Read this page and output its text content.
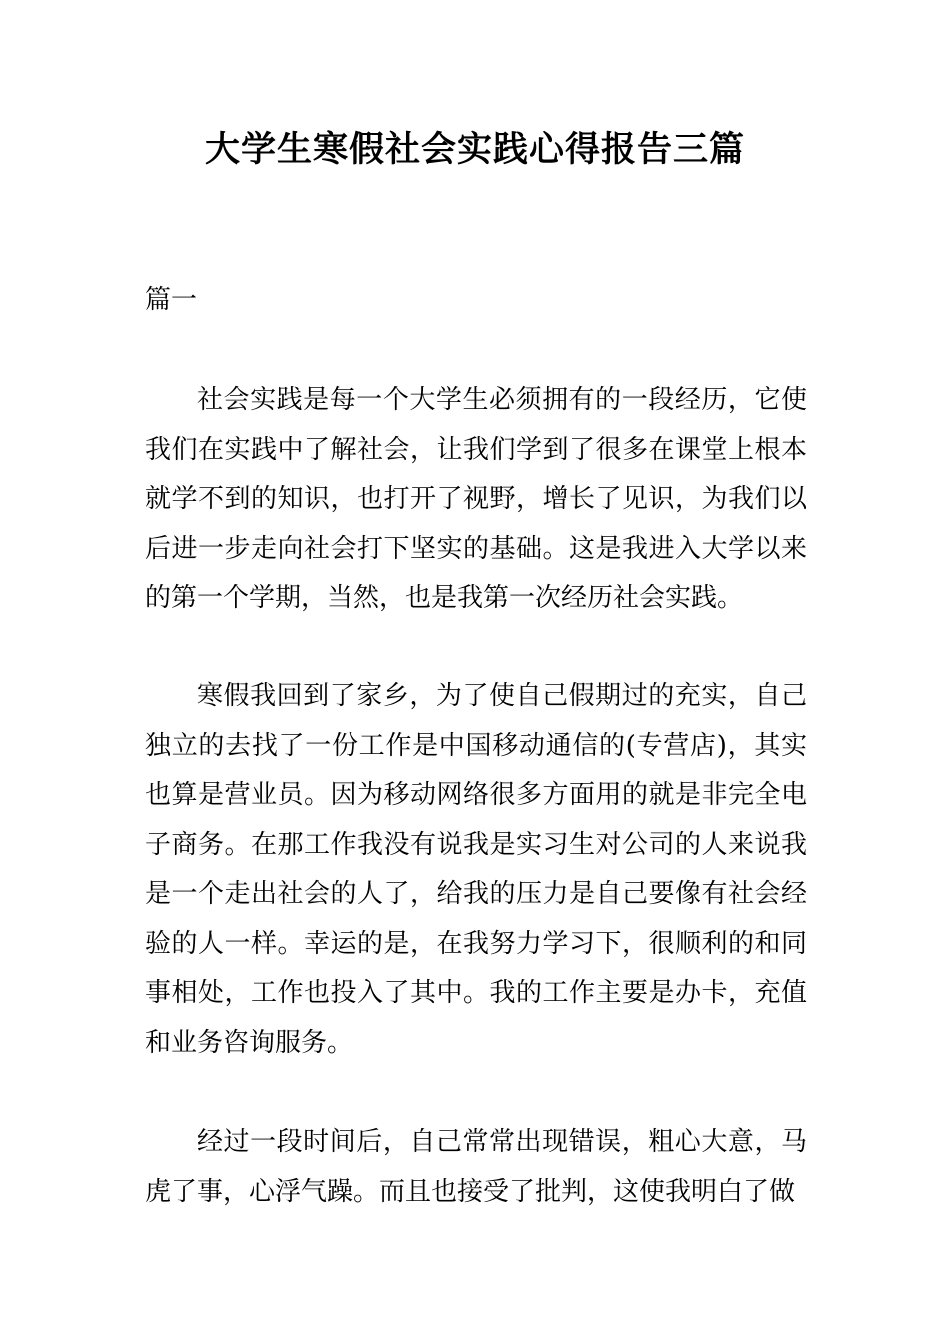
大学生寒假社会实践心得报告三篇

篇一

社会实践是每一个大学生必须拥有的一段经历，它使我们在实践中了解社会，让我们学到了很多在课堂上根本就学不到的知识，也打开了视野，增长了见识，为我们以后进一步走向社会打下坚实的基础。这是我进入大学以来的第一个学期，当然，也是我第一次经历社会实践。

寒假我回到了家乡，为了使自己假期过的充实，自己独立的去找了一份工作是中国移动通信的(专营店)，其实也算是营业员。因为移动网络很多方面用的就是非完全电子商务。在那工作我没有说我是实习生对公司的人来说我是一个走出社会的人了，给我的压力是自己要像有社会经验的人一样。幸运的是，在我努力学习下，很顺利的和同事相处，工作也投入了其中。我的工作主要是办卡，充值和业务咨询服务。

经过一段时间后，自己常常出现错误，粗心大意，马虎了事，心浮气躁。而且也接受了批判，这使我明白了做
